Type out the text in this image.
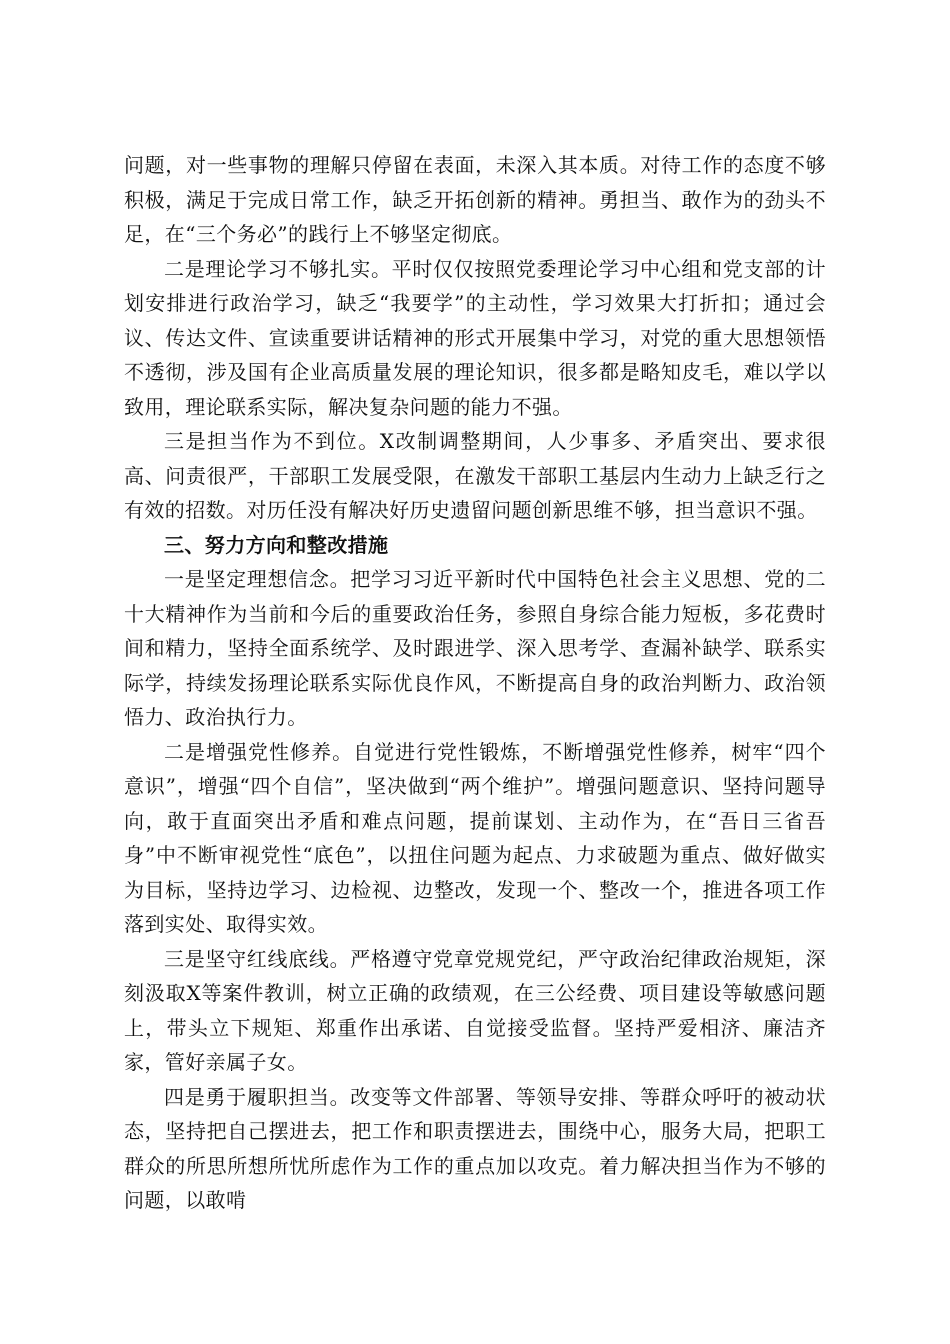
问题，对一些事物的理解只停留在表面，未深入其本质。对待工作的态度不够积极，满足于完成日常工作，缺乏开拓创新的精神。勇担当、敢作为的劲头不足，在“三个务必”的践行上不够坚定彻底。

二是理论学习不够扎实。平时仅仅按照党委理论学习中心组和党支部的计划安排进行政治学习，缺乏“我要学”的主动性，学习效果大打折扣；通过会议、传达文件、宣读重要讲话精神的形式开展集中学习，对党的重大思想领悟不透彻，涉及国有企业高质量发展的理论知识，很多都是略知皮毛，难以学以致用，理论联系实际，解决复杂问题的能力不强。

三是担当作为不到位。X改制调整期间，人少事多、矛盾突出、要求很高、问责很严，干部职工发展受限，在激发干部职工基层内生动力上缺乏行之有效的招数。对历任没有解决好历史遗留问题创新思维不够，担当意识不强。

三、努力方向和整改措施

一是坚定理想信念。把学习习近平新时代中国特色社会主义思想、党的二十大精神作为当前和今后的重要政治任务，参照自身综合能力短板，多花费时间和精力，坚持全面系统学、及时跟进学、深入思考学、查漏补缺学、联系实际学，持续发扬理论联系实际优良作风，不断提高自身的政治判断力、政治领悟力、政治执行力。

二是增强党性修养。自觉进行党性锻炼，不断增强党性修养，树牢“四个意识”，增强“四个自信”，坚决做到“两个维护”。增强问题意识、坚持问题导向，敢于直面突出矛盾和难点问题，提前谋划、主动作为，在“吾日三省吾身”中不断审视党性“底色”，以扭住问题为起点、力求破题为重点、做好做实为目标，坚持边学习、边检视、边整改，发现一个、整改一个，推进各项工作落到实处、取得实效。

三是坚守红线底线。严格遵守党章党规党纪，严守政治纪律政治规矩，深刻汲取X等案件教训，树立正确的政绩观，在三公经费、项目建设等敏感问题上，带头立下规矩、郑重作出承诺、自觉接受监督。坚持严爱相济、廉洁齐家，管好亲属子女。

四是勇于履职担当。改变等文件部署、等领导安排、等群众呼吁的被动状态，坚持把自己摆进去，把工作和职责摆进去，围绕中心，服务大局，把职工群众的所思所想所忧所虑作为工作的重点加以攻克。着力解决担当作为不够的问题，以敢啃
